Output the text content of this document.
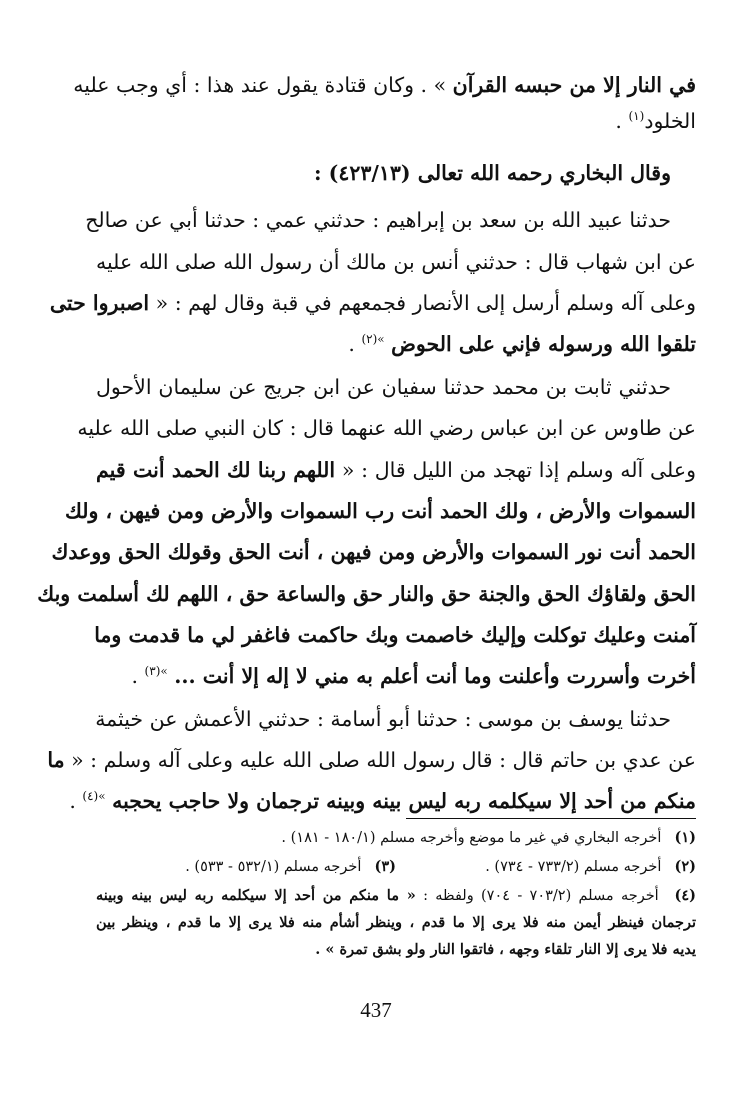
في النار إلا من حبسه القرآن » . وكان قتادة يقول عند هذا : أي وجب عليه
الخلود$^{(١)}$ .
وقال البخاري رحمه الله تعالى (٤٢٣/١٣) :
حدثنا عبيد الله بن سعد بن إبراهيم : حدثني عمي : حدثنا أبي عن صالح
عن ابن شهاب قال : حدثني أنس بن مالك أن رسول الله صلى الله عليه
وعلى آله وسلم أرسل إلى الأنصار فجمعهم في قبة وقال لهم : « اصبروا حتى
تلقوا الله ورسوله فإني على الحوض $^{»(٢)}$ .
حدثني ثابت بن محمد حدثنا سفيان عن ابن جريج عن سليمان الأحول
عن طاوس عن ابن عباس رضي الله عنهما قال : كان النبي صلى الله عليه
وعلى آله وسلم إذا تهجد من الليل قال : « اللهم ربنا لك الحمد أنت قيم
السموات والأرض ، ولك الحمد أنت رب السموات والأرض ومن فيهن ، ولك
الحمد أنت نور السموات والأرض ومن فيهن ، أنت الحق وقولك الحق ووعدك
الحق ولقاؤك الحق والجنة حق والنار حق والساعة حق ، اللهم لك أسلمت وبك
آمنت وعليك توكلت وإليك خاصمت وبك حاكمت فاغفر لي ما قدمت وما
أخرت وأسررت وأعلنت وما أنت أعلم به مني لا إله إلا أنت ... $^{»(٣)}$ .
حدثنا يوسف بن موسى : حدثنا أبو أسامة : حدثني الأعمش عن خيثمة
عن عدي بن حاتم قال : قال رسول الله صلى الله عليه وعلى آله وسلم : « ما
منكم من أحد إلا سيكلمه ربه ليس بينه وبينه ترجمان ولا حاجب يحجبه $^{»(٤)}$ .
(١) أخرجه البخاري في غير ما موضع وأخرجه مسلم (١٨٠/١ - ١٨١) .
(٢) أخرجه مسلم (٧٣٣/٢ - ٧٣٤) .(٣) أخرجه مسلم (٥٣٢/١ - ٥٣٣) .
(٤) أخرجه مسلم (٧٠٣/٢ - ٧٠٤) ولفظه : « ما منكم من أحد إلا سيكلمه ربه ليس بينه وبينه
ترجمان فينظر أيمن منه فلا يرى إلا ما قدم ، وينظر أشأم منه فلا يرى إلا ما قدم ، وينظر بين
يديه فلا يرى إلا النار تلقاء وجهه ، فاتقوا النار ولو بشق تمرة » .
437
